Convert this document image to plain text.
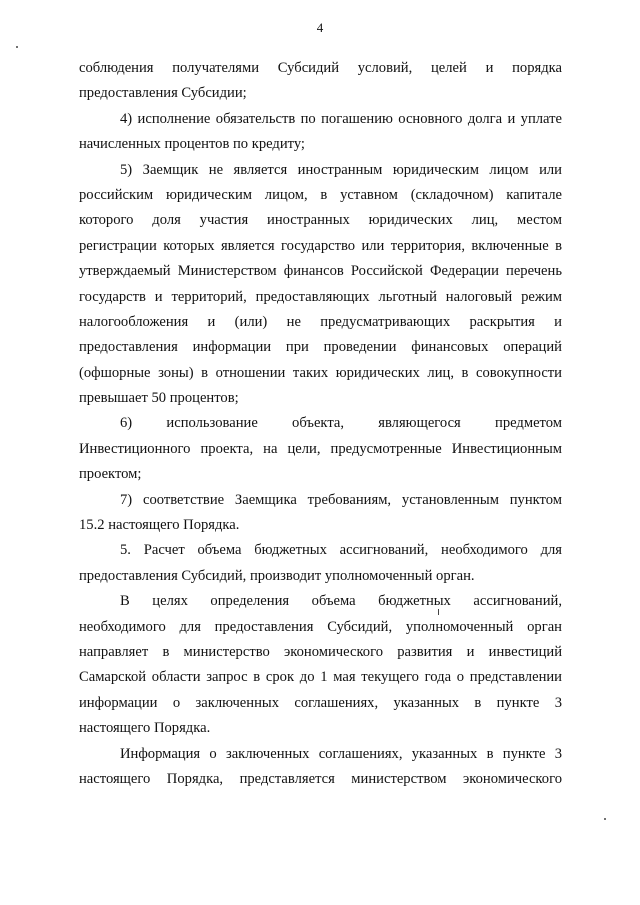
4
соблюдения получателями Субсидий условий, целей и порядка
предоставления Субсидии;
4) исполнение обязательств по погашению основного долга и уплате
начисленных процентов по кредиту;
5) Заемщик не является иностранным юридическим лицом или
российским юридическим лицом, в уставном (складочном) капитале
которого доля участия иностранных юридических лиц, местом
регистрации которых является государство или территория, включенные в
утверждаемый Министерством финансов Российской Федерации перечень
государств и территорий, предоставляющих льготный налоговый режим
налогообложения и (или) не предусматривающих раскрытия и
предоставления информации при проведении финансовых операций
(офшорные зоны) в отношении таких юридических лиц, в совокупности
превышает 50 процентов;
6) использование объекта, являющегося предметом
Инвестиционного проекта, на цели, предусмотренные Инвестиционным
проектом;
7) соответствие Заемщика требованиям, установленным пунктом
15.2 настоящего Порядка.
5. Расчет объема бюджетных ассигнований, необходимого для
предоставления Субсидий, производит уполномоченный орган.
В целях определения объема бюджетных ассигнований,
необходимого для предоставления Субсидий, уполномоченный орган
направляет в министерство экономического развития и инвестиций
Самарской области запрос в срок до 1 мая текущего года о представлении
информации о заключенных соглашениях, указанных в пункте 3
настоящего Порядка.
Информация о заключенных соглашениях, указанных в пункте 3
настоящего Порядка, представляется министерством экономического
